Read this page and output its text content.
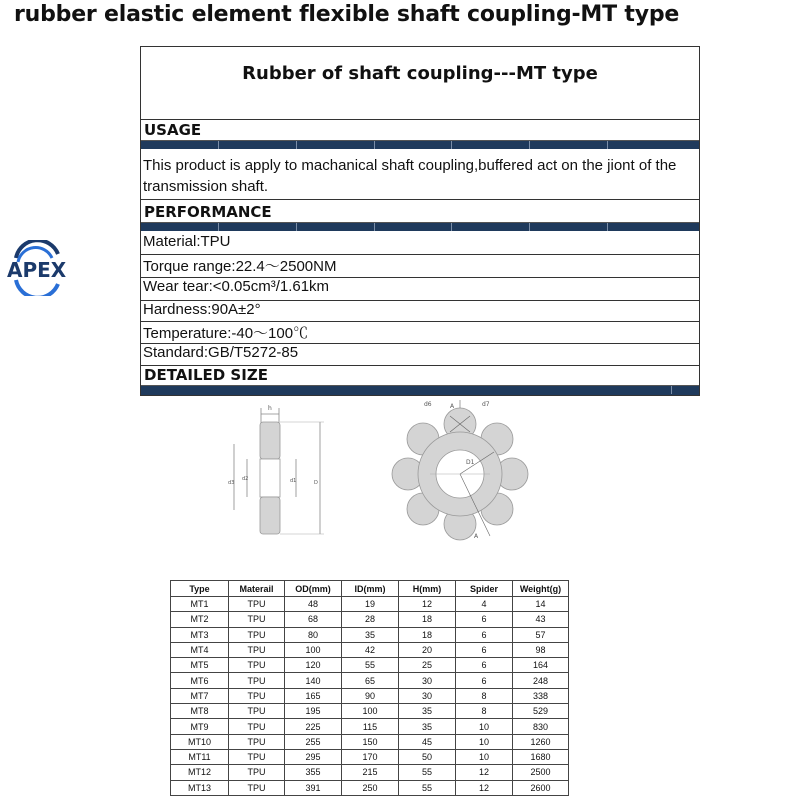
rubber elastic element flexible shaft coupling-MT type
APEX
Rubber of shaft coupling---MT type
USAGE
This product is apply to machanical shaft coupling,buffered act on the jiont of the transmission shaft.
PERFORMANCE
Material:TPU
Torque range:22.4～2500NM
Wear tear:<0.05cm³/1.61km
Hardness:90A±2°
Temperature:-40～100℃
Standard:GB/T5272-85
DETAILED SIZE
h
d3
d2	d1	D
d6	A	d7
D1
A
Type	Materail	OD(mm)	ID(mm)	H(mm)	Spider	Weight(g)
MT1	TPU	48	19	12	4	14
MT2	TPU	68	28	18	6	43
MT3	TPU	80	35	18	6	57
MT4	TPU	100	42	20	6	98
MT5	TPU	120	55	25	6	164
MT6	TPU	140	65	30	6	248
MT7	TPU	165	90	30	8	338
MT8	TPU	195	100	35	8	529
MT9	TPU	225	115	35	10	830
MT10	TPU	255	150	45	10	1260
MT11	TPU	295	170	50	10	1680
MT12	TPU	355	215	55	12	2500
MT13	TPU	391	250	55	12	2600
